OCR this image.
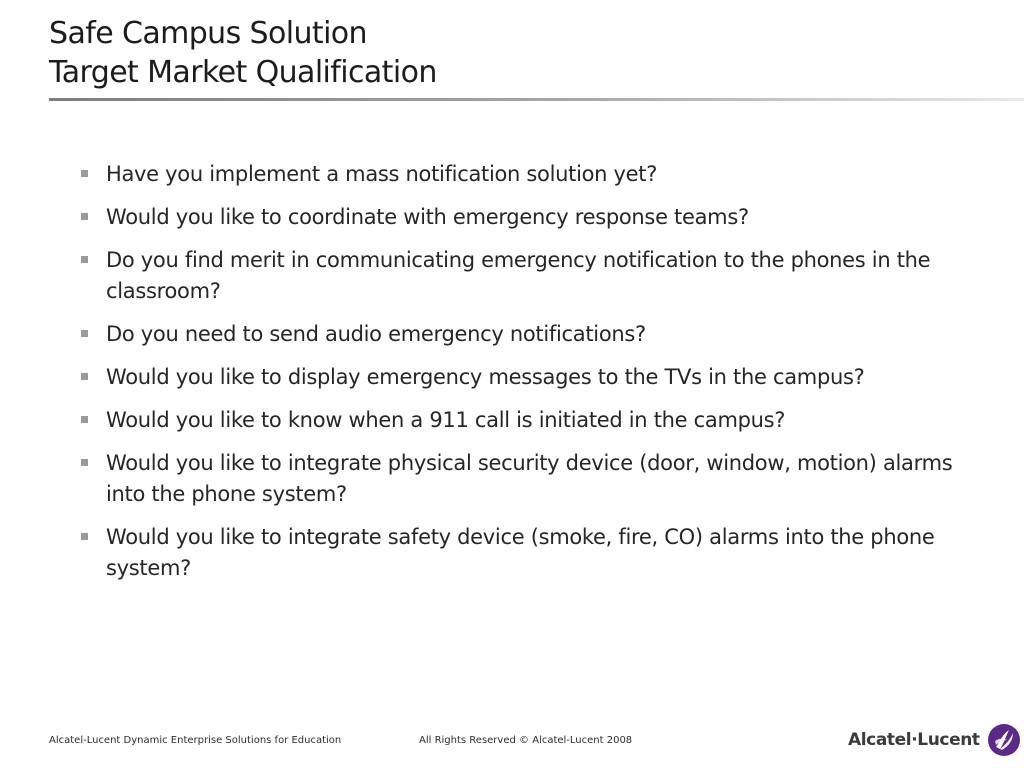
Safe Campus Solution
Target Market Qualification
Have you implement a mass notification solution yet?
Would you like to coordinate with emergency response teams?
Do you find merit in communicating emergency notification to the phones in the classroom?
Do you need to send audio emergency notifications?
Would you like to display emergency messages to the TVs in the campus?
Would you like to know when a 911 call is initiated in the campus?
Would you like to integrate physical security device (door, window, motion) alarms into the phone system?
Would you like to integrate safety device (smoke, fire, CO) alarms into the phone system?
Alcatel-Lucent Dynamic Enterprise Solutions for Education	All Rights Reserved © Alcatel-Lucent 2008	Alcatel·Lucent
